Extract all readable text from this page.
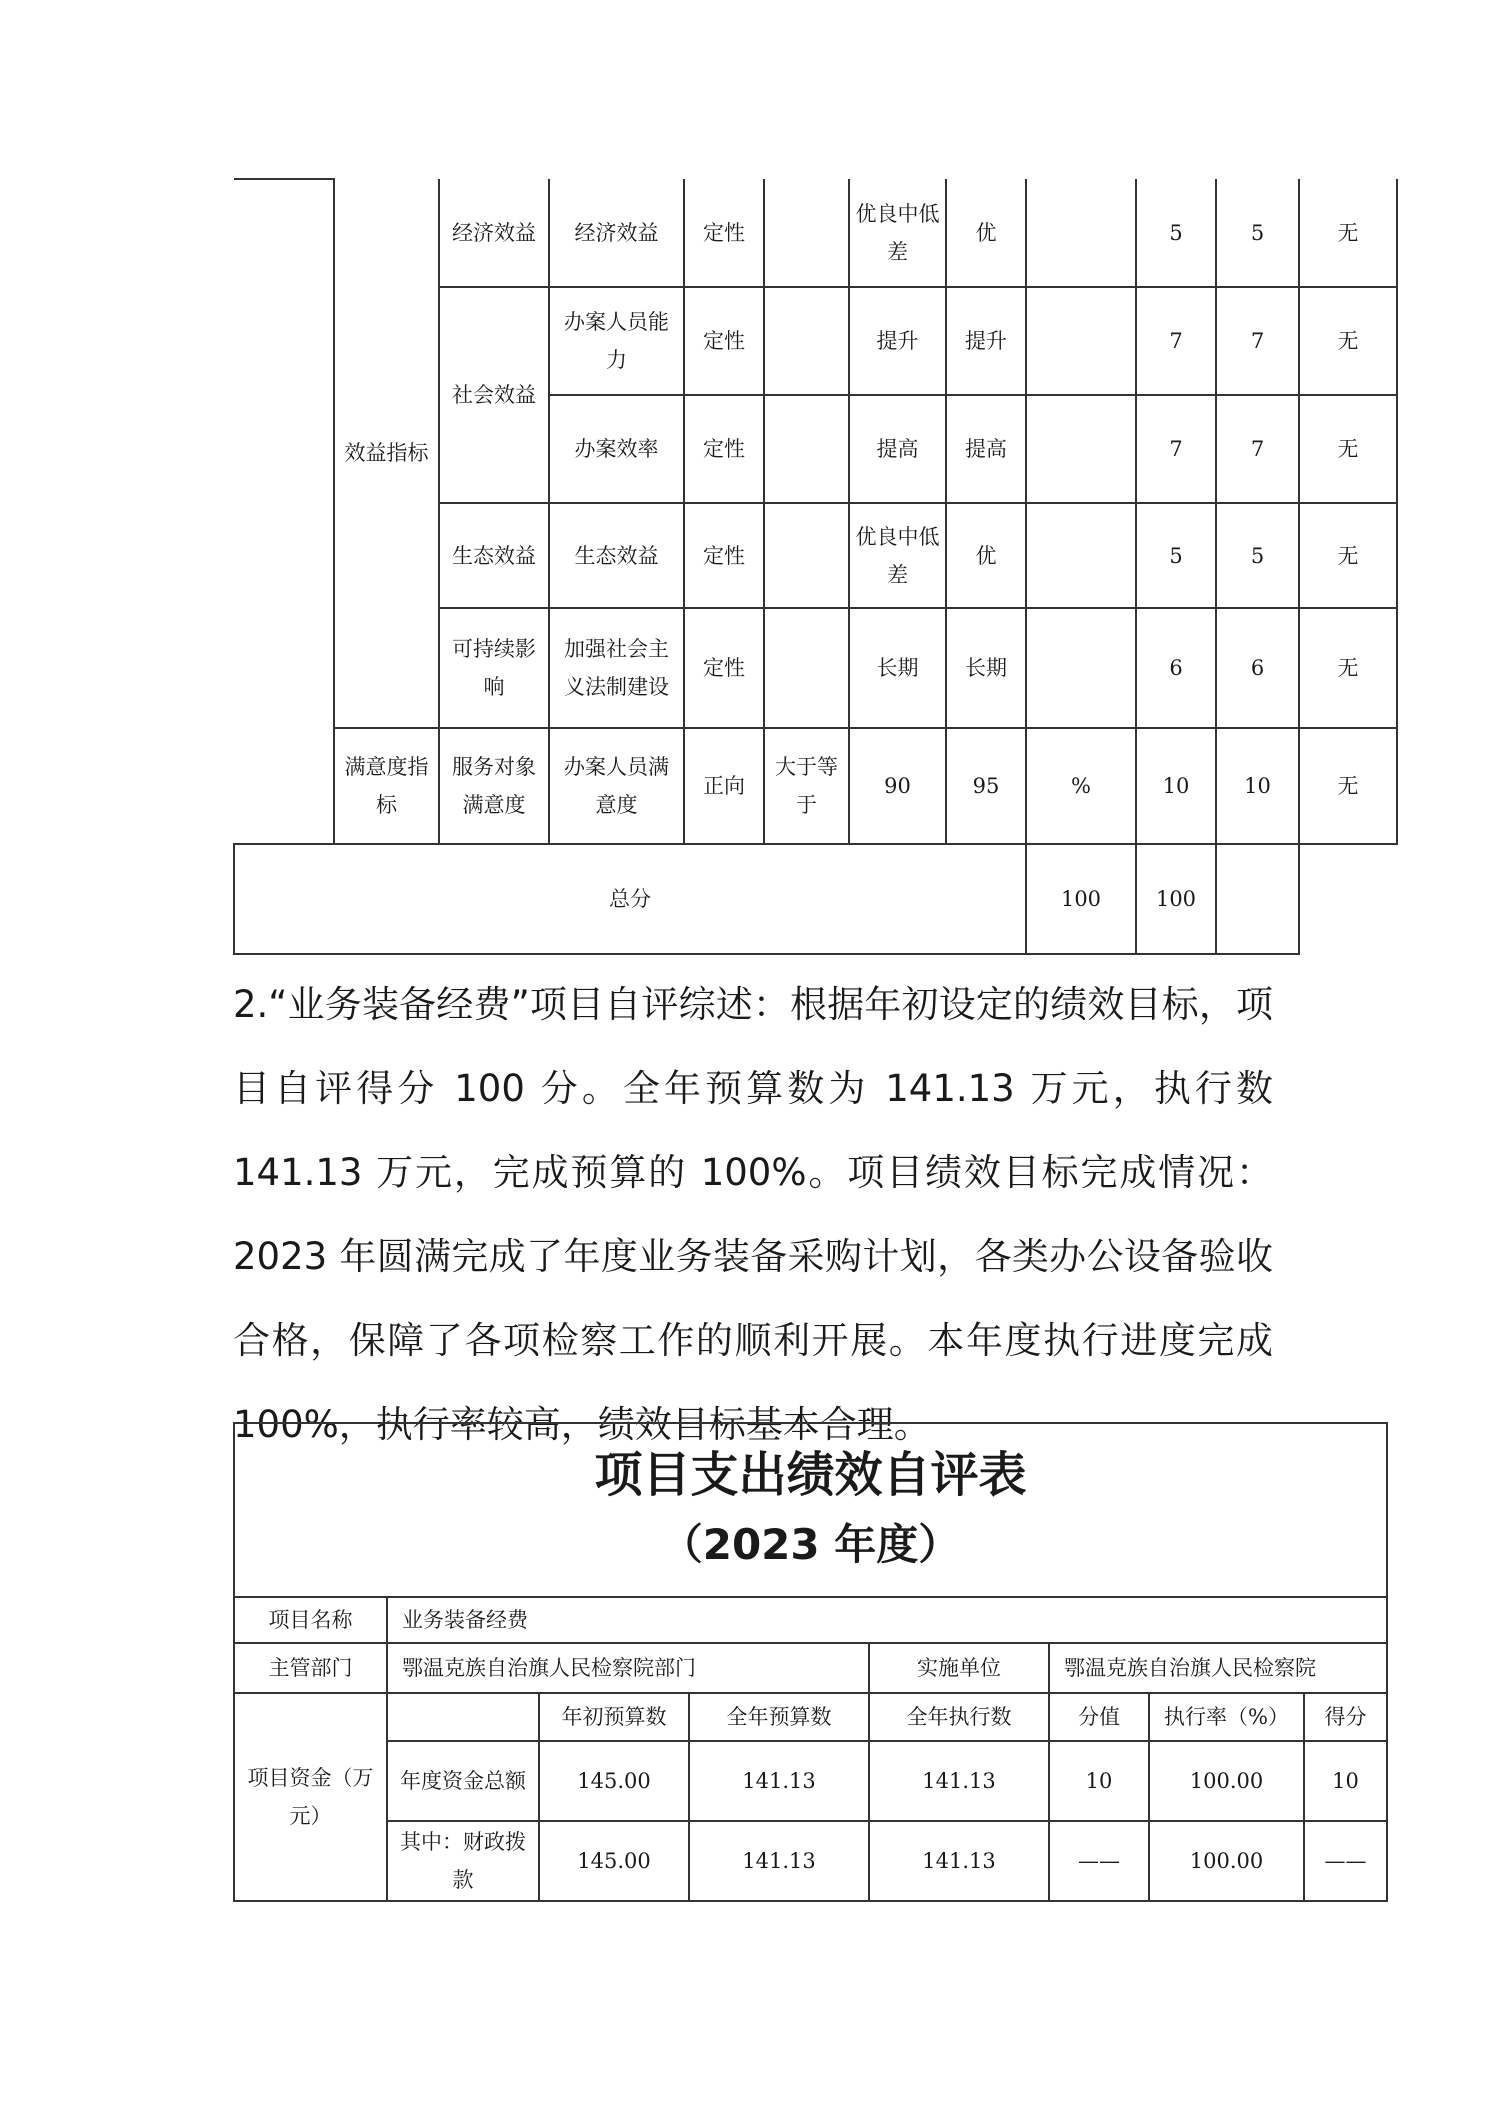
	效益指标	经济效益	经济效益	定性		优良中低差	优		5	5	无
		社会效益	办案人员能力	定性		提升	提升		7	7	无
			办案效率	定性		提高	提高		7	7	无
		生态效益	生态效益	定性		优良中低差	优		5	5	无
		可持续影响	加强社会主义法制建设	定性		长期	长期		6	6	无
	满意度指标	服务对象满意度	办案人员满意度	正向	大于等于	90	95	%	10	10	无
总分								100	100		

2.“业务装备经费”项目自评综述：根据年初设定的绩效目标，项目自评得分 100 分。全年预算数为 141.13 万元，执行数 141.13 万元，完成预算的 100%。项目绩效目标完成情况：2023 年圆满完成了年度业务装备采购计划，各类办公设备验收合格，保障了各项检察工作的顺利开展。本年度执行进度完成 100%，执行率较高，绩效目标基本合理。

项目支出绩效自评表
（2023 年度）							

项目名称	业务装备经费						
主管部门	鄂温克族自治旗人民检察院部门			实施单位	鄂温克族自治旗人民检察院		
项目资金（万元）		年初预算数	全年预算数	全年执行数	分值	执行率（%）	得分
	年度资金总额	145.00	141.13	141.13	10	100.00	10
	其中：财政拨款	145.00	141.13	141.13	——	100.00	——
